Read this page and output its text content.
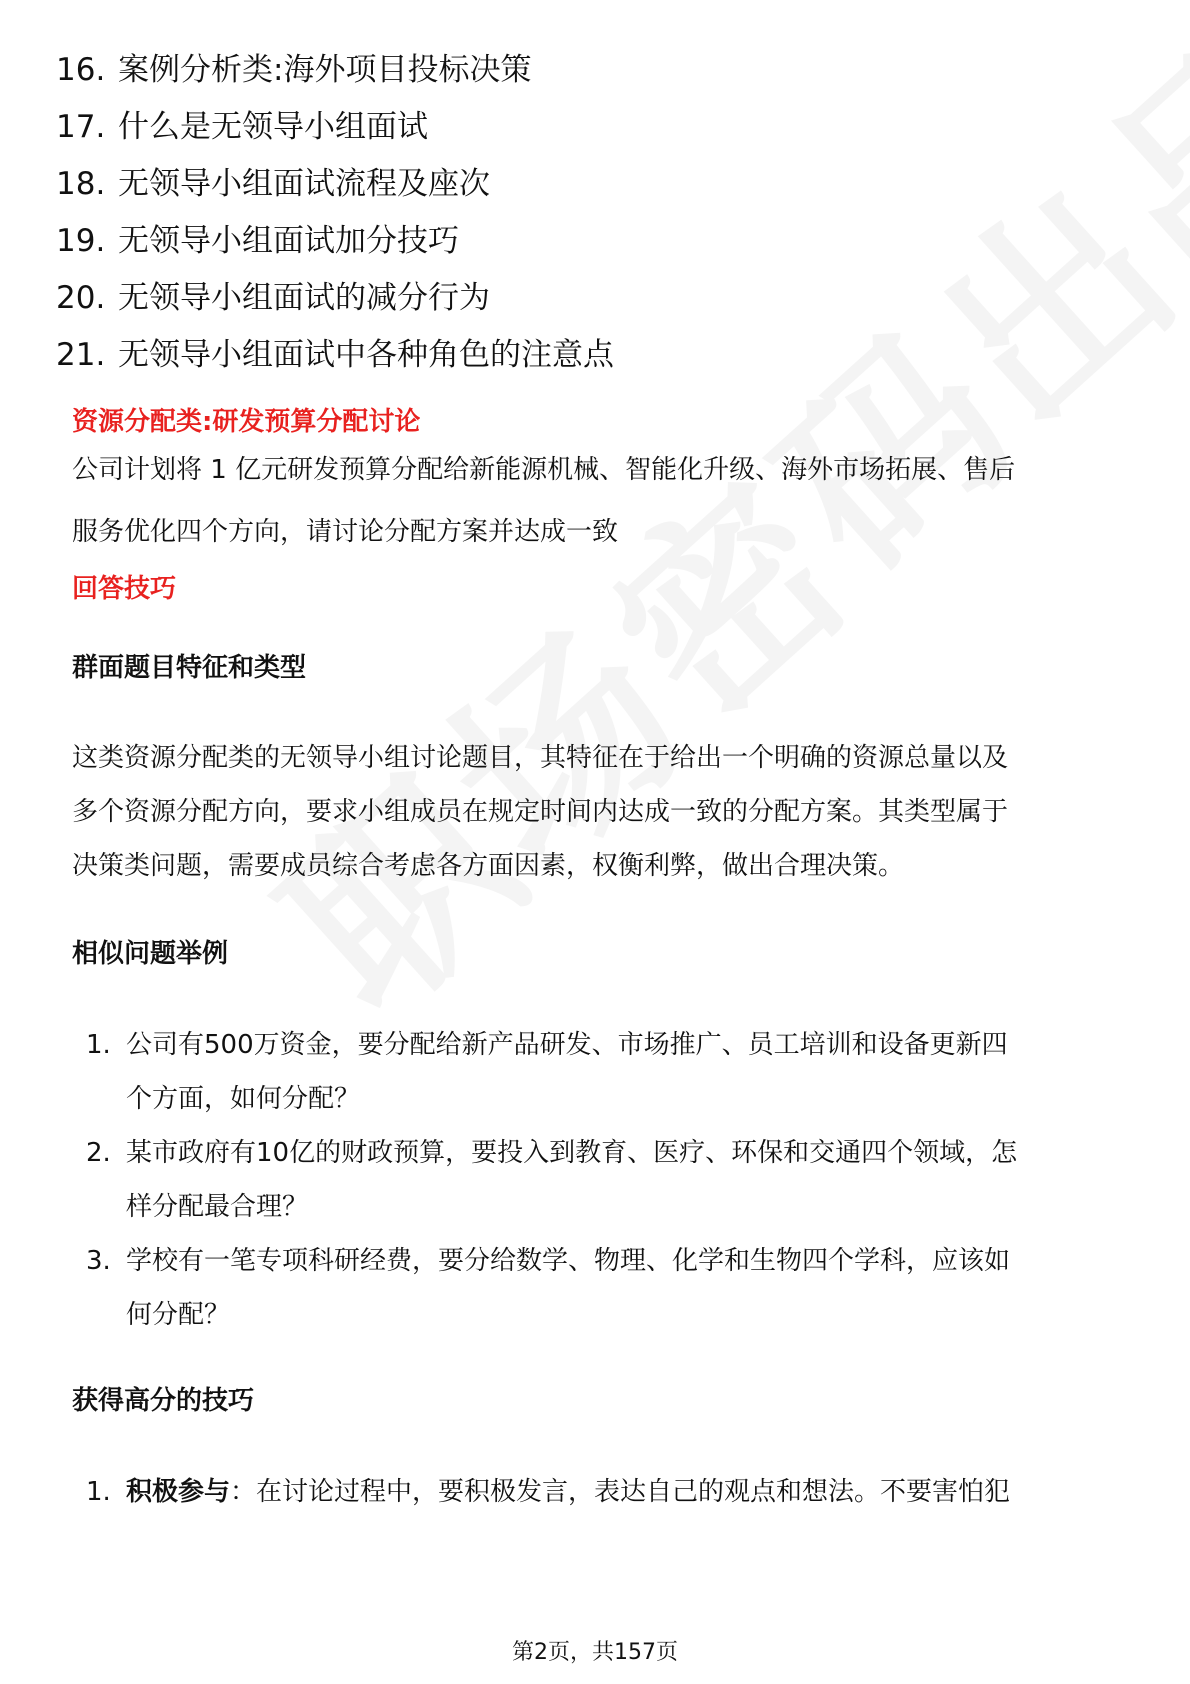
16. 案例分析类:海外项目投标决策
17. 什么是无领导小组面试
18. 无领导小组面试流程及座次
19. 无领导小组面试加分技巧
20. 无领导小组面试的减分行为
21. 无领导小组面试中各种角色的注意点
资源分配类:研发预算分配讨论
公司计划将 1 亿元研发预算分配给新能源机械、智能化升级、海外市场拓展、售后
服务优化四个方向，请讨论分配方案并达成一致
回答技巧
群面题目特征和类型
这类资源分配类的无领导小组讨论题目，其特征在于给出一个明确的资源总量以及
多个资源分配方向，要求小组成员在规定时间内达成一致的分配方案。其类型属于
决策类问题，需要成员综合考虑各方面因素，权衡利弊，做出合理决策。
相似问题举例
1. 公司有500万资金，要分配给新产品研发、市场推广、员工培训和设备更新四
个方面，如何分配？
2. 某市政府有10亿的财政预算，要投入到教育、医疗、环保和交通四个领域，怎
样分配最合理？
3. 学校有一笔专项科研经费，要分给数学、物理、化学和生物四个学科，应该如
何分配？
获得高分的技巧
1. 积极参与：在讨论过程中，要积极发言，表达自己的观点和想法。不要害怕犯
第2页，共157页
